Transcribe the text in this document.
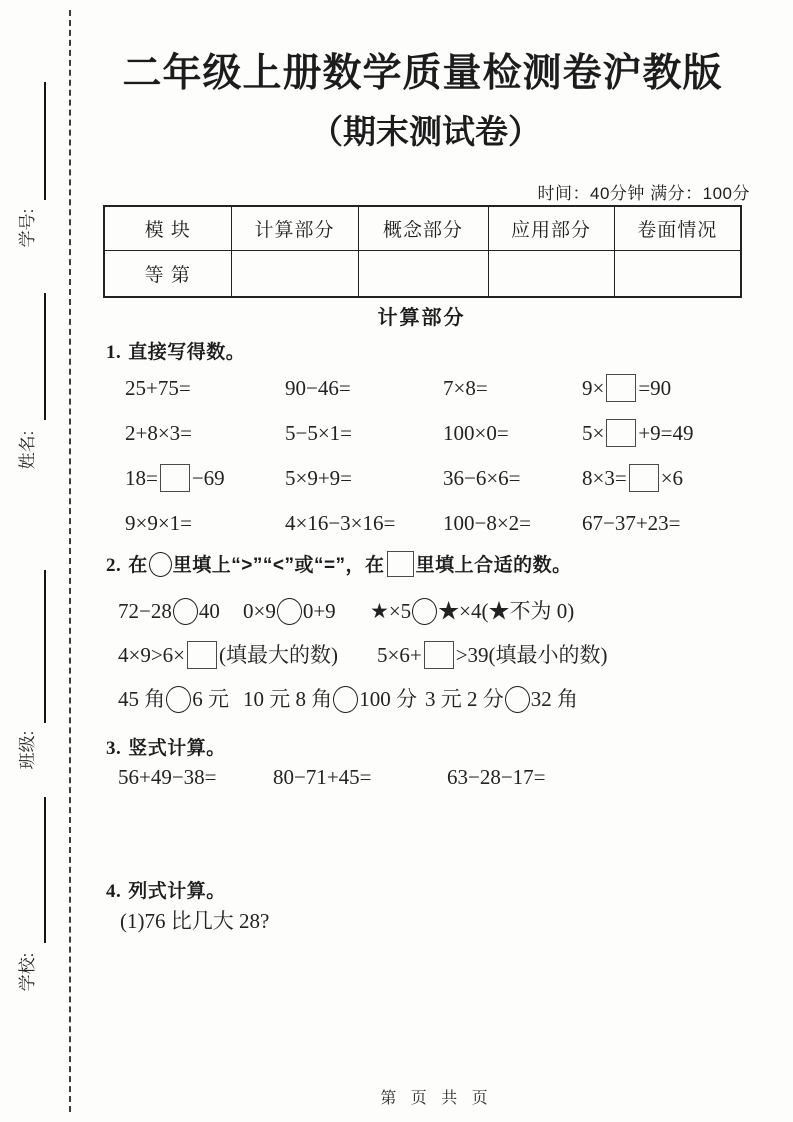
学号:
姓名:
班级:
学校:
二年级上册数学质量检测卷沪教版
（期末测试卷）
时间：40分钟 满分：100分
模 块	计算部分	概念部分	应用部分	卷面情况
等 第				
计算部分
1. 直接写得数。
2. 在 里填上“>”“<”或“=”，在 里填上合适的数。
3. 竖式计算。
4. 列式计算。
(1)76 比几大 28?
25+75=	90−46=	7×8=	9× =90
2+8×3=	5−5×1=	100×0=	5× +9=49
18= −69	5×9+9=	36−6×6=	8×3= ×6
9×9×1=	4×16−3×16= 100−8×2= 67−37+23=
72−28 40 0×9 0+9 ★×5 ★×4(★不为 0)
4×9>6× (填最大的数) 5×6+ >39(填最小的数)
45 角 6 元 10 元 8 角 100 分 3 元 2 分 32 角
56+49−38=	80−71+45=	63−28−17=
第 页 共 页
